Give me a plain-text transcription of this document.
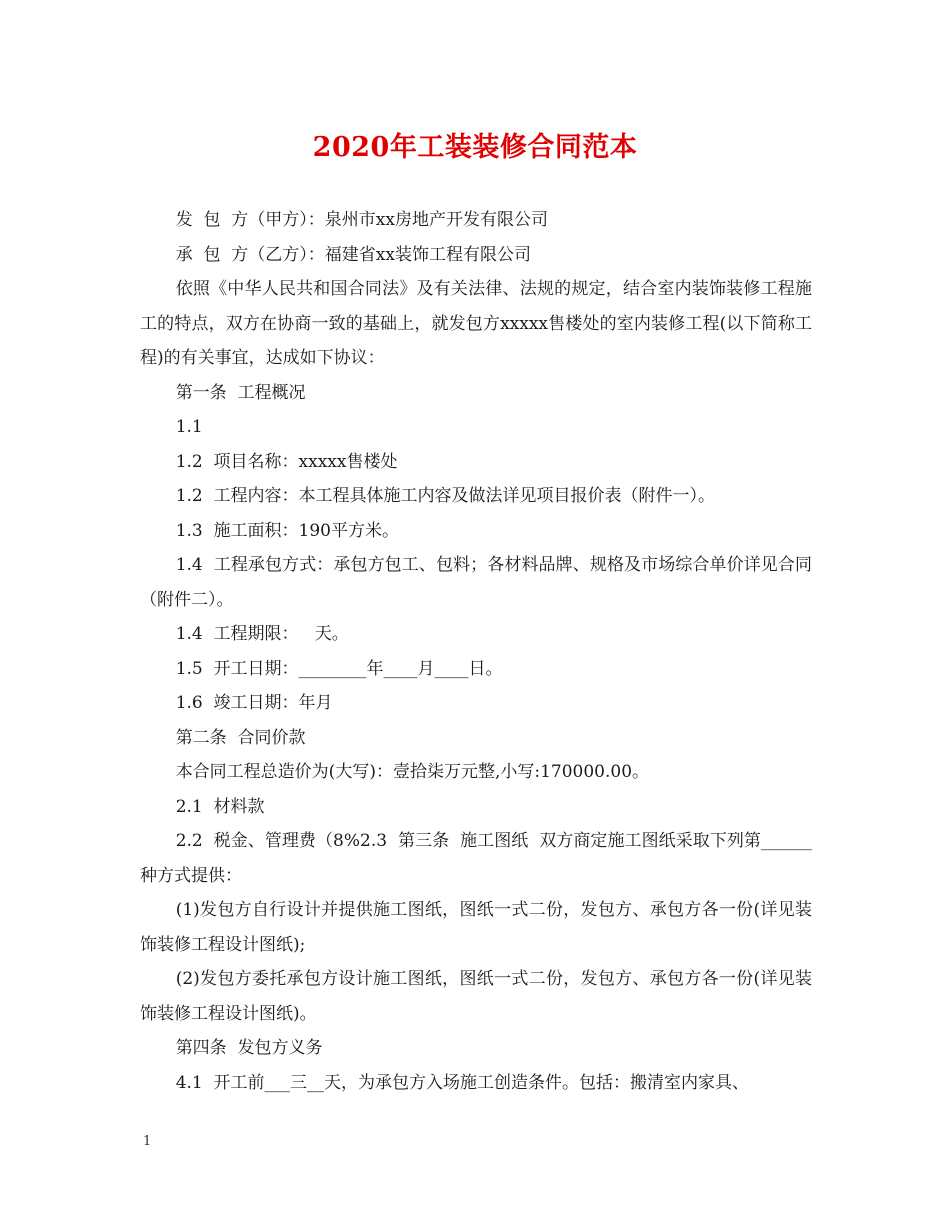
2020年工装装修合同范本

发  包  方（甲方）：泉州市xx房地产开发有限公司

承  包  方（乙方）：福建省xx装饰工程有限公司

依照《中华人民共和国合同法》及有关法律、法规的规定，结合室内装饰装修工程施工的特点，双方在协商一致的基础上，就发包方xxxxx售楼处的室内装修工程(以下简称工程)的有关事宜，达成如下协议：

第一条  工程概况

1.1

1.2  项目名称：xxxxx售楼处

1.2  工程内容：本工程具体施工内容及做法详见项目报价表（附件一）。

1.3  施工面积：190平方米。

1.4  工程承包方式：承包方包工、包料；各材料品牌、规格及市场综合单价详见合同（附件二）。

1.4  工程期限：   天。

1.5  开工日期：________年____月____日。

1.6  竣工日期：年月

第二条  合同价款

本合同工程总造价为(大写)：壹拾柒万元整,小写:170000.00。

2.1  材料款

2.2  税金、管理费（8%2.3  第三条  施工图纸  双方商定施工图纸采取下列第______种方式提供：

(1)发包方自行设计并提供施工图纸，图纸一式二份，发包方、承包方各一份(详见装饰装修工程设计图纸);

(2)发包方委托承包方设计施工图纸，图纸一式二份，发包方、承包方各一份(详见装饰装修工程设计图纸)。

第四条  发包方义务

4.1  开工前___三__天，为承包方入场施工创造条件。包括：搬清室内家具、

1
